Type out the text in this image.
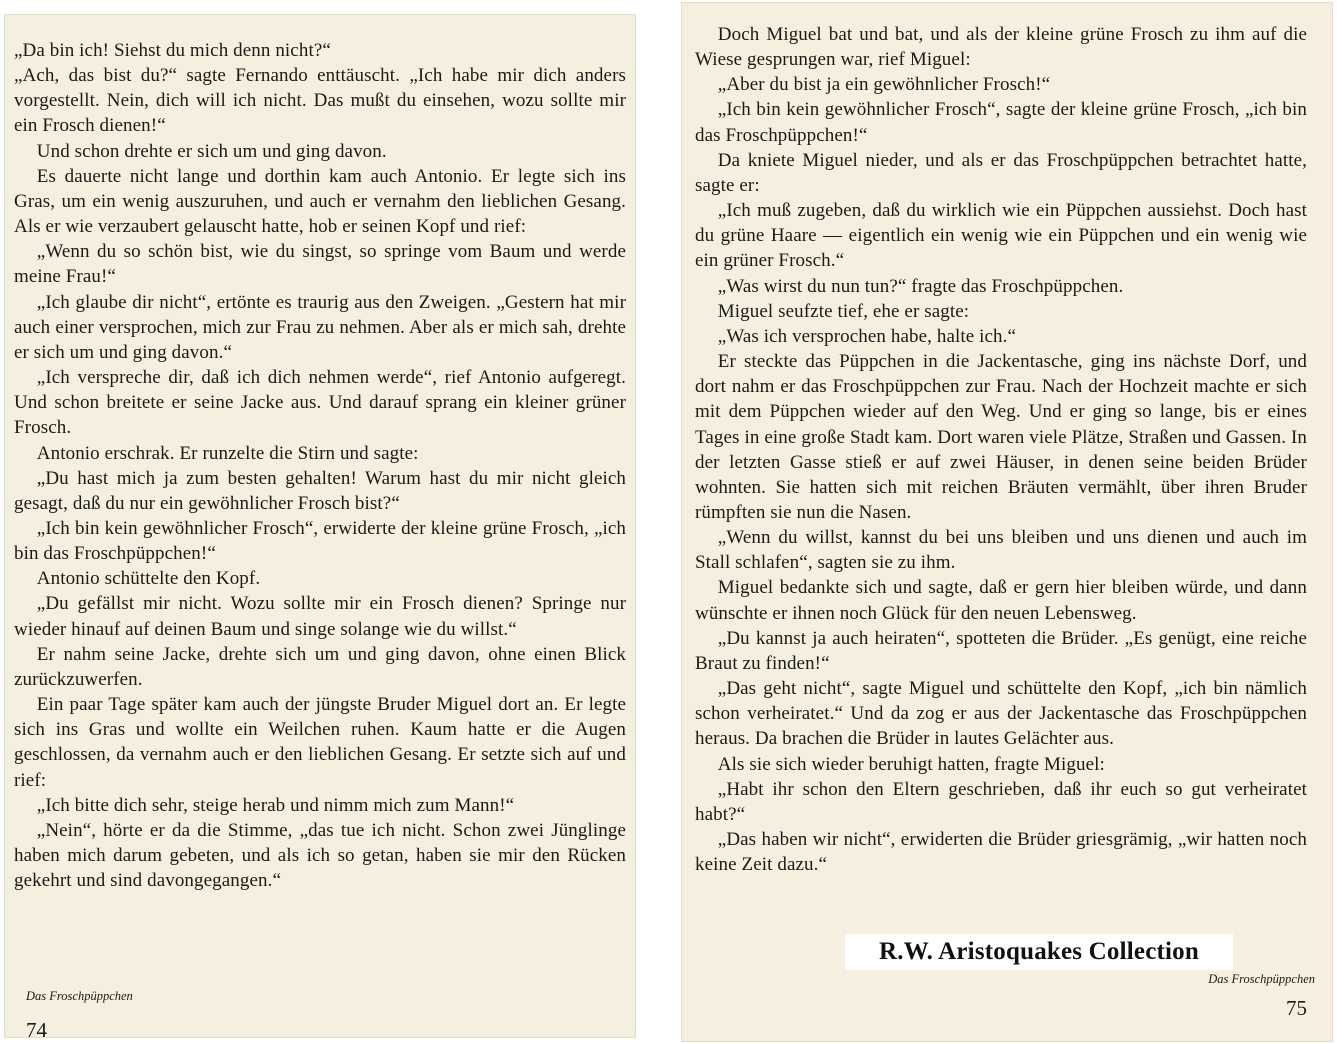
„Da bin ich! Siehst du mich denn nicht?“

„Ach, das bist du?“ sagte Fernando enttäuscht. „Ich habe mir dich anders vorgestellt. Nein, dich will ich nicht. Das mußt du einsehen, wozu sollte mir ein Frosch dienen!“

Und schon drehte er sich um und ging davon.

Es dauerte nicht lange und dorthin kam auch Antonio. Er legte sich ins Gras, um ein wenig auszuruhen, und auch er vernahm den lieblichen Gesang. Als er wie verzaubert gelauscht hatte, hob er seinen Kopf und rief:

„Wenn du so schön bist, wie du singst, so springe vom Baum und werde meine Frau!“

„Ich glaube dir nicht“, ertönte es traurig aus den Zweigen. „Gestern hat mir auch einer versprochen, mich zur Frau zu nehmen. Aber als er mich sah, drehte er sich um und ging davon.“

„Ich verspreche dir, daß ich dich nehmen werde“, rief Antonio aufgeregt. Und schon breitete er seine Jacke aus. Und darauf sprang ein kleiner grüner Frosch.

Antonio erschrak. Er runzelte die Stirn und sagte:

„Du hast mich ja zum besten gehalten! Warum hast du mir nicht gleich gesagt, daß du nur ein gewöhnlicher Frosch bist?“

„Ich bin kein gewöhnlicher Frosch“, erwiderte der kleine grüne Frosch, „ich bin das Froschpüppchen!“

Antonio schüttelte den Kopf.

„Du gefällst mir nicht. Wozu sollte mir ein Frosch dienen? Springe nur wieder hinauf auf deinen Baum und singe solange wie du willst.“

Er nahm seine Jacke, drehte sich um und ging davon, ohne einen Blick zurückzuwerfen.

Ein paar Tage später kam auch der jüngste Bruder Miguel dort an. Er legte sich ins Gras und wollte ein Weilchen ruhen. Kaum hatte er die Augen geschlossen, da vernahm auch er den lieblichen Gesang. Er setzte sich auf und rief:

„Ich bitte dich sehr, steige herab und nimm mich zum Mann!“

„Nein“, hörte er da die Stimme, „das tue ich nicht. Schon zwei Jünglinge haben mich darum gebeten, und als ich so getan, haben sie mir den Rücken gekehrt und sind davongegangen.“

Das Froschpüppchen
74

Doch Miguel bat und bat, und als der kleine grüne Frosch zu ihm auf die Wiese gesprungen war, rief Miguel:

„Aber du bist ja ein gewöhnlicher Frosch!“

„Ich bin kein gewöhnlicher Frosch“, sagte der kleine grüne Frosch, „ich bin das Froschpüppchen!“

Da kniete Miguel nieder, und als er das Froschpüppchen betrachtet hatte, sagte er:

„Ich muß zugeben, daß du wirklich wie ein Püppchen aussiehst. Doch hast du grüne Haare — eigentlich ein wenig wie ein Püppchen und ein wenig wie ein grüner Frosch.“

„Was wirst du nun tun?“ fragte das Froschpüppchen.

Miguel seufzte tief, ehe er sagte:

„Was ich versprochen habe, halte ich.“

Er steckte das Püppchen in die Jackentasche, ging ins nächste Dorf, und dort nahm er das Froschpüppchen zur Frau. Nach der Hochzeit machte er sich mit dem Püppchen wieder auf den Weg. Und er ging so lange, bis er eines Tages in eine große Stadt kam. Dort waren viele Plätze, Straßen und Gassen. In der letzten Gasse stieß er auf zwei Häuser, in denen seine beiden Brüder wohnten. Sie hatten sich mit reichen Bräuten vermählt, über ihren Bruder rümpften sie nun die Nasen.

„Wenn du willst, kannst du bei uns bleiben und uns dienen und auch im Stall schlafen“, sagten sie zu ihm.

Miguel bedankte sich und sagte, daß er gern hier bleiben würde, und dann wünschte er ihnen noch Glück für den neuen Lebensweg.

„Du kannst ja auch heiraten“, spotteten die Brüder. „Es genügt, eine reiche Braut zu finden!“

„Das geht nicht“, sagte Miguel und schüttelte den Kopf, „ich bin nämlich schon verheiratet.“ Und da zog er aus der Jackentasche das Froschpüppchen heraus. Da brachen die Brüder in lautes Gelächter aus.

Als sie sich wieder beruhigt hatten, fragte Miguel:

„Habt ihr schon den Eltern geschrieben, daß ihr euch so gut verheiratet habt?“

„Das haben wir nicht“, erwiderten die Brüder griesgrämig, „wir hatten noch keine Zeit dazu.“

Das Froschpüppchen
75
R.W. Aristoquakes Collection
